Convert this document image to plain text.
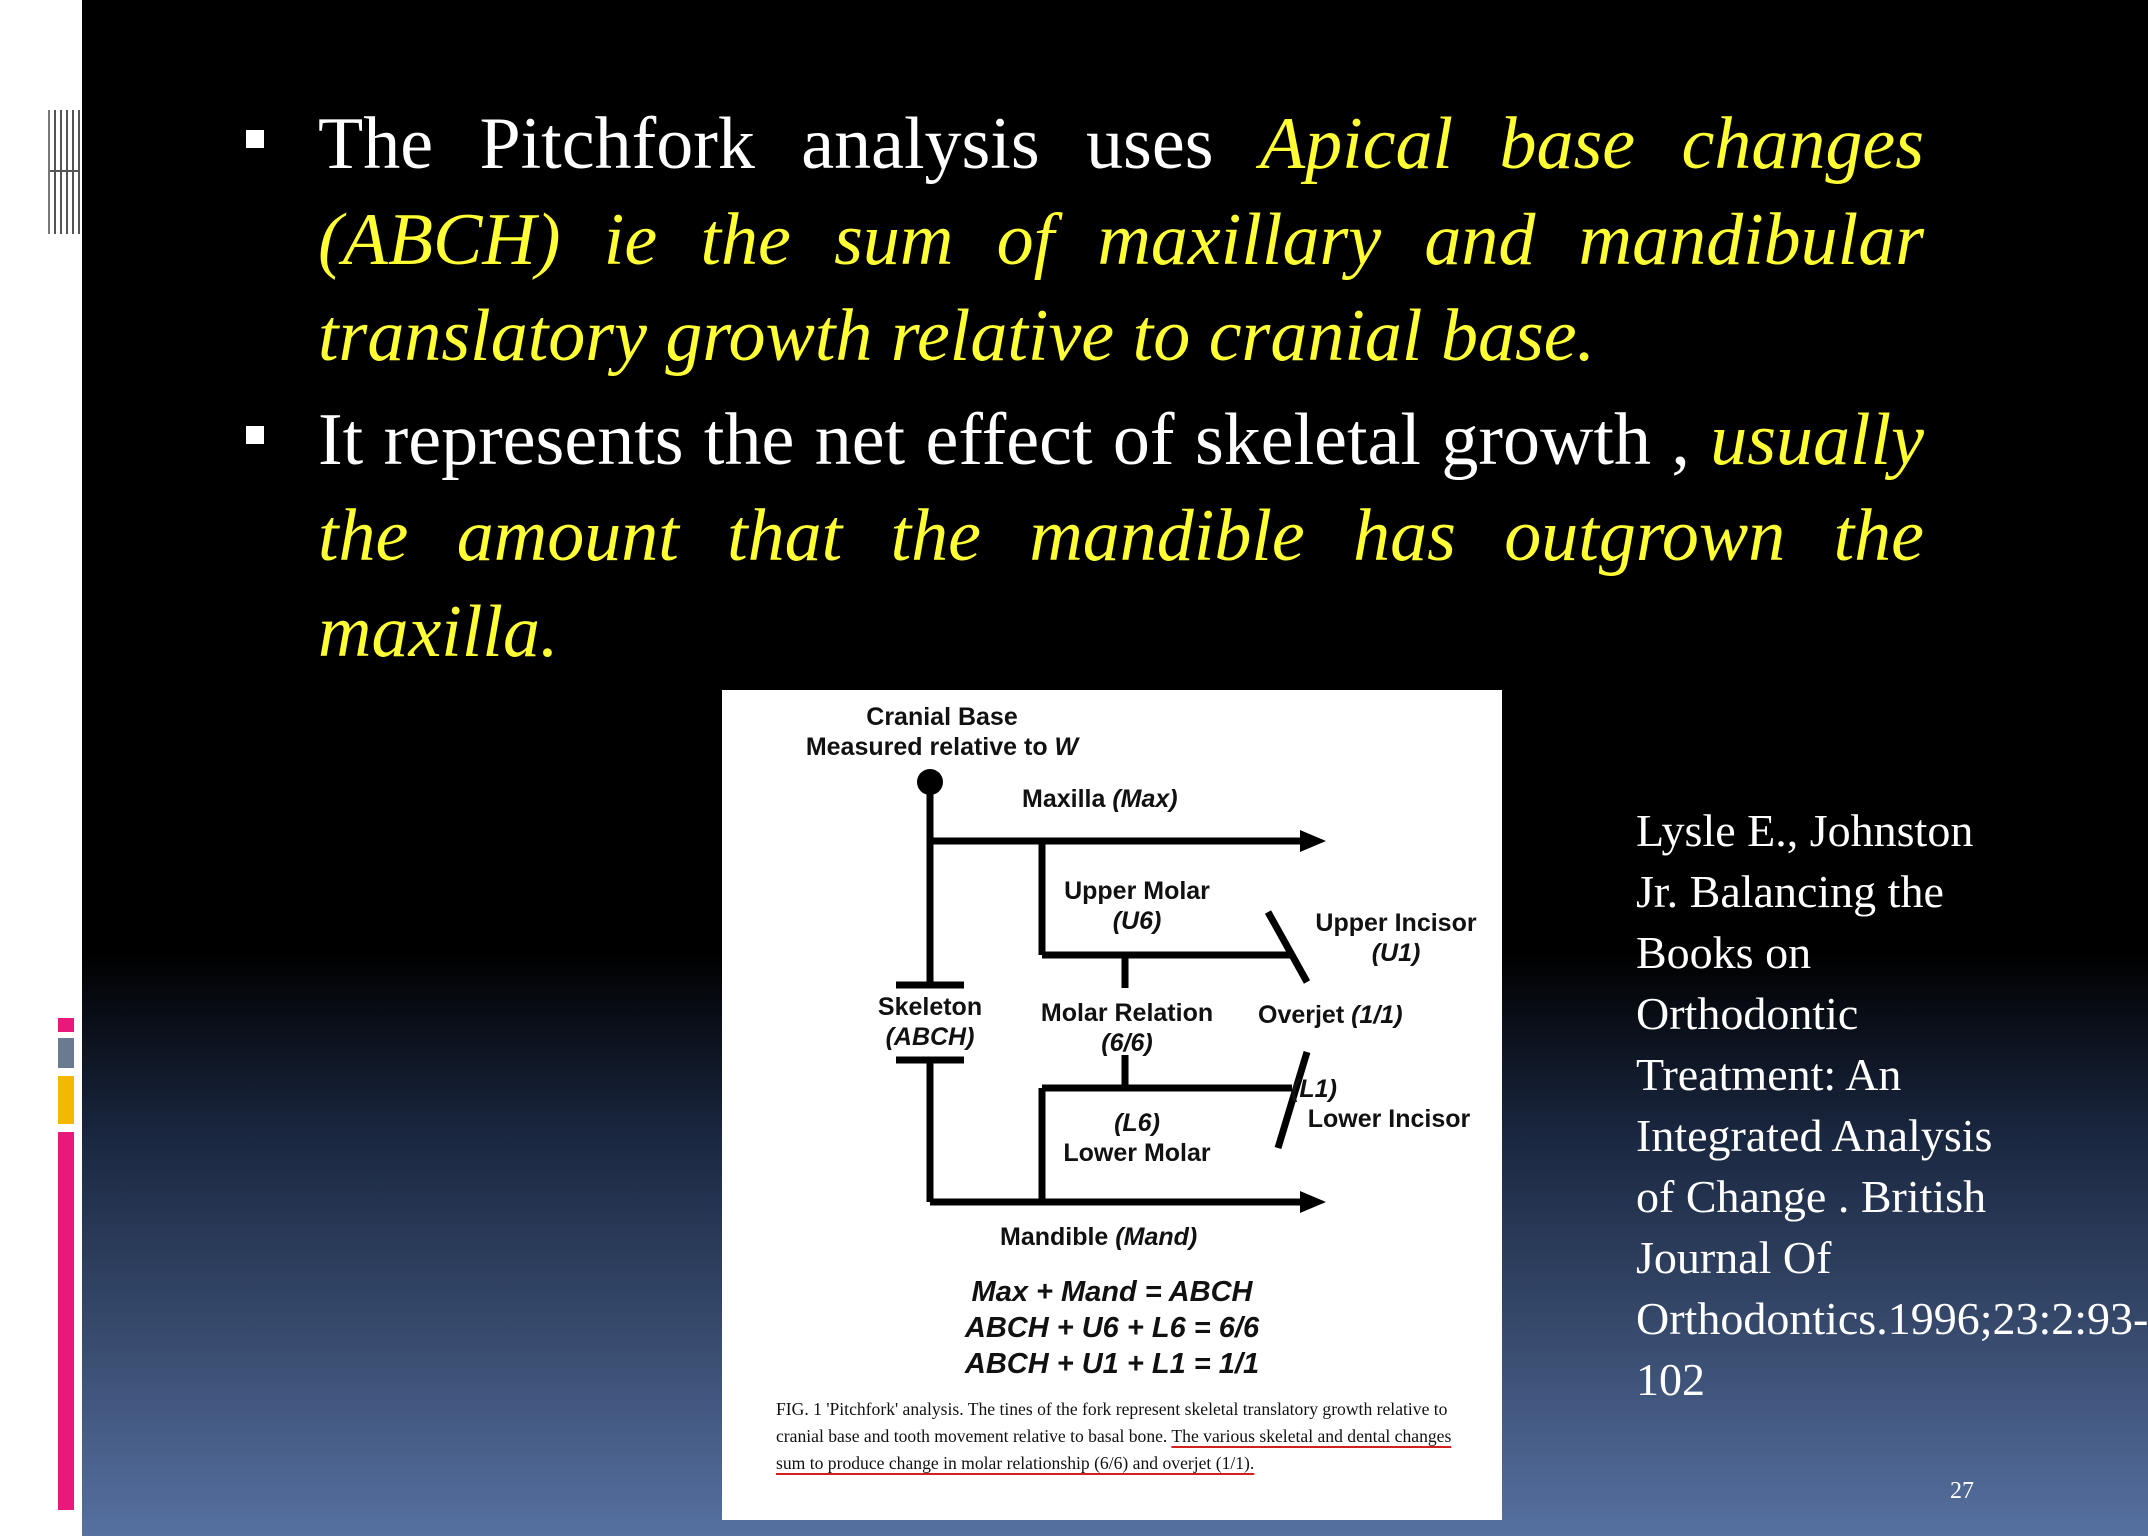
The Pitchfork analysis uses Apical base changes (ABCH) ie the sum of maxillary and mandibular translatory growth relative to cranial base.
It represents the net effect of skeletal growth , usually the amount that the mandible has outgrown the maxilla.
Cranial Base
Measured relative to W
Maxilla (Max)
Upper Molar
(U6)	Upper Incisor
(U1)
Skeleton
(ABCH)
Molar Relation
(6/6)
Overjet (1/1)
(L1)
Lower Incisor
(L6)
Lower Molar
Mandible (Mand)
Max + Mand = ABCH
ABCH + U6 + L6 = 6/6
ABCH + U1 + L1 = 1/1
FIG. 1 'Pitchfork' analysis. The tines of the fork represent skeletal translatory growth relative to cranial base and tooth movement relative to basal bone. The various skeletal and dental changes sum to produce change in molar relationship (6/6) and overjet (1/1).
Lysle E., Johnston Jr. Balancing the Books on Orthodontic Treatment: An Integrated Analysis of Change . British Journal Of Orthodontics.1996;23:2:93-102
27
